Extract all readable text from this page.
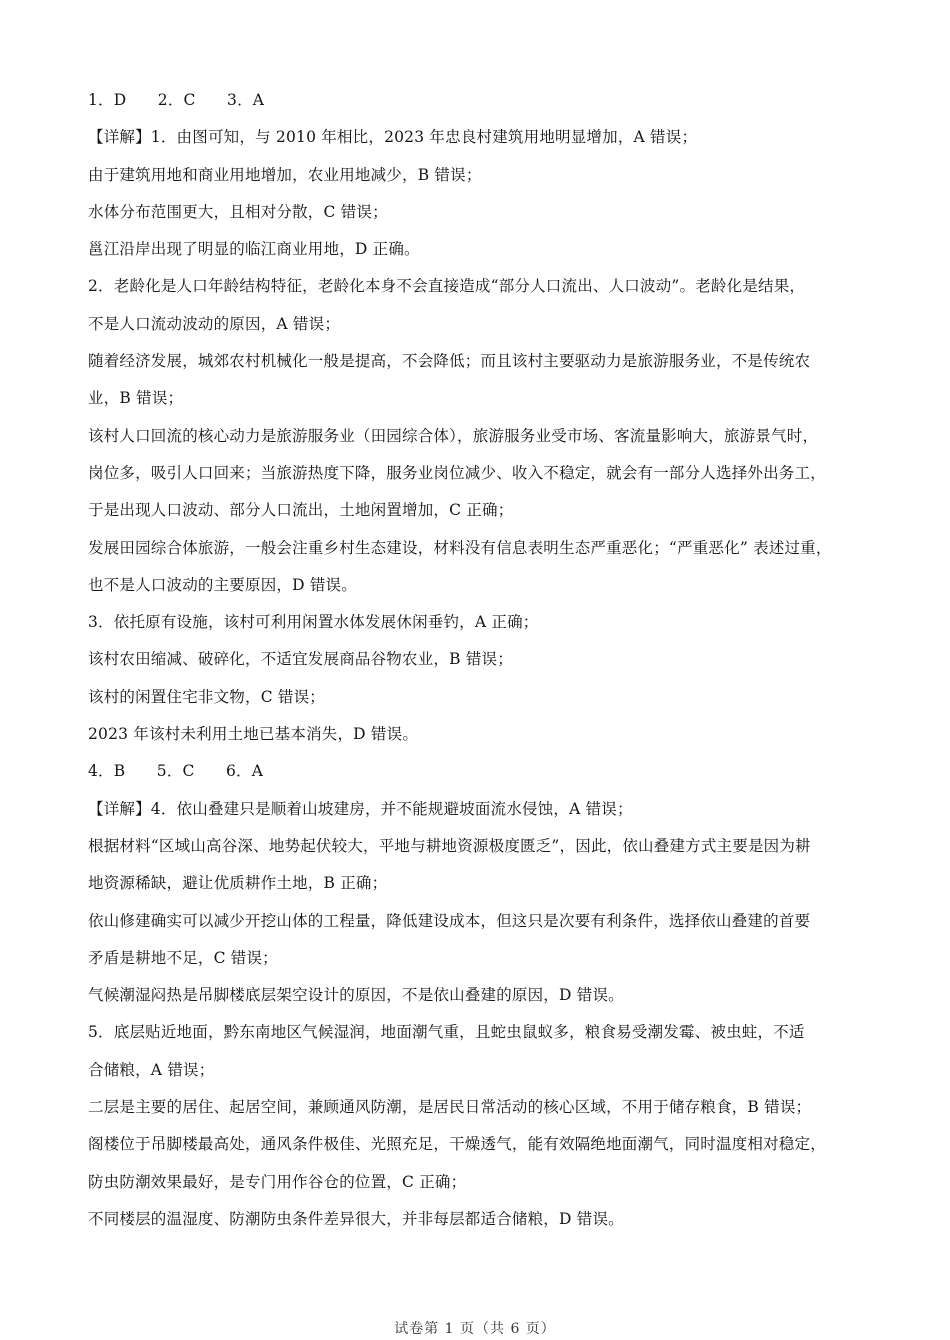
1．D　　2．C　　3．A
【详解】1．由图可知，与 2010 年相比，2023 年忠良村建筑用地明显增加，A 错误；
由于建筑用地和商业用地增加，农业用地减少，B 错误；
水体分布范围更大，且相对分散，C 错误；
邕江沿岸出现了明显的临江商业用地，D 正确。
2．老龄化是人口年龄结构特征，老龄化本身不会直接造成“部分人口流出、人口波动”。老龄化是结果，
不是人口流动波动的原因，A 错误；
随着经济发展，城郊农村机械化一般是提高，不会降低；而且该村主要驱动力是旅游服务业，不是传统农
业，B 错误；
该村人口回流的核心动力是旅游服务业（田园综合体），旅游服务业受市场、客流量影响大，旅游景气时，
岗位多，吸引人口回来；当旅游热度下降，服务业岗位减少、收入不稳定，就会有一部分人选择外出务工，
于是出现人口波动、部分人口流出，土地闲置增加，C 正确；
发展田园综合体旅游，一般会注重乡村生态建设，材料没有信息表明生态严重恶化；“严重恶化” 表述过重，
也不是人口波动的主要原因，D 错误。
3．依托原有设施，该村可利用闲置水体发展休闲垂钓，A 正确；
该村农田缩减、破碎化，不适宜发展商品谷物农业，B 错误；
该村的闲置住宅非文物，C 错误；
2023 年该村未利用土地已基本消失，D 错误。
4．B　　5．C　　6．A
【详解】4．依山叠建只是顺着山坡建房，并不能规避坡面流水侵蚀，A 错误；
根据材料“区域山高谷深、地势起伏较大，平地与耕地资源极度匮乏”，因此，依山叠建方式主要是因为耕
地资源稀缺，避让优质耕作土地，B 正确；
依山修建确实可以减少开挖山体的工程量，降低建设成本，但这只是次要有利条件，选择依山叠建的首要
矛盾是耕地不足，C 错误；
气候潮湿闷热是吊脚楼底层架空设计的原因，不是依山叠建的原因，D 错误。
5．底层贴近地面，黔东南地区气候湿润，地面潮气重，且蛇虫鼠蚁多，粮食易受潮发霉、被虫蛀，不适
合储粮，A 错误；
二层是主要的居住、起居空间，兼顾通风防潮，是居民日常活动的核心区域，不用于储存粮食，B 错误；
阁楼位于吊脚楼最高处，通风条件极佳、光照充足，干燥透气，能有效隔绝地面潮气，同时温度相对稳定，
防虫防潮效果最好，是专门用作谷仓的位置，C 正确；
不同楼层的温湿度、防潮防虫条件差异很大，并非每层都适合储粮，D 错误。
试卷第 1 页（共 6 页）
